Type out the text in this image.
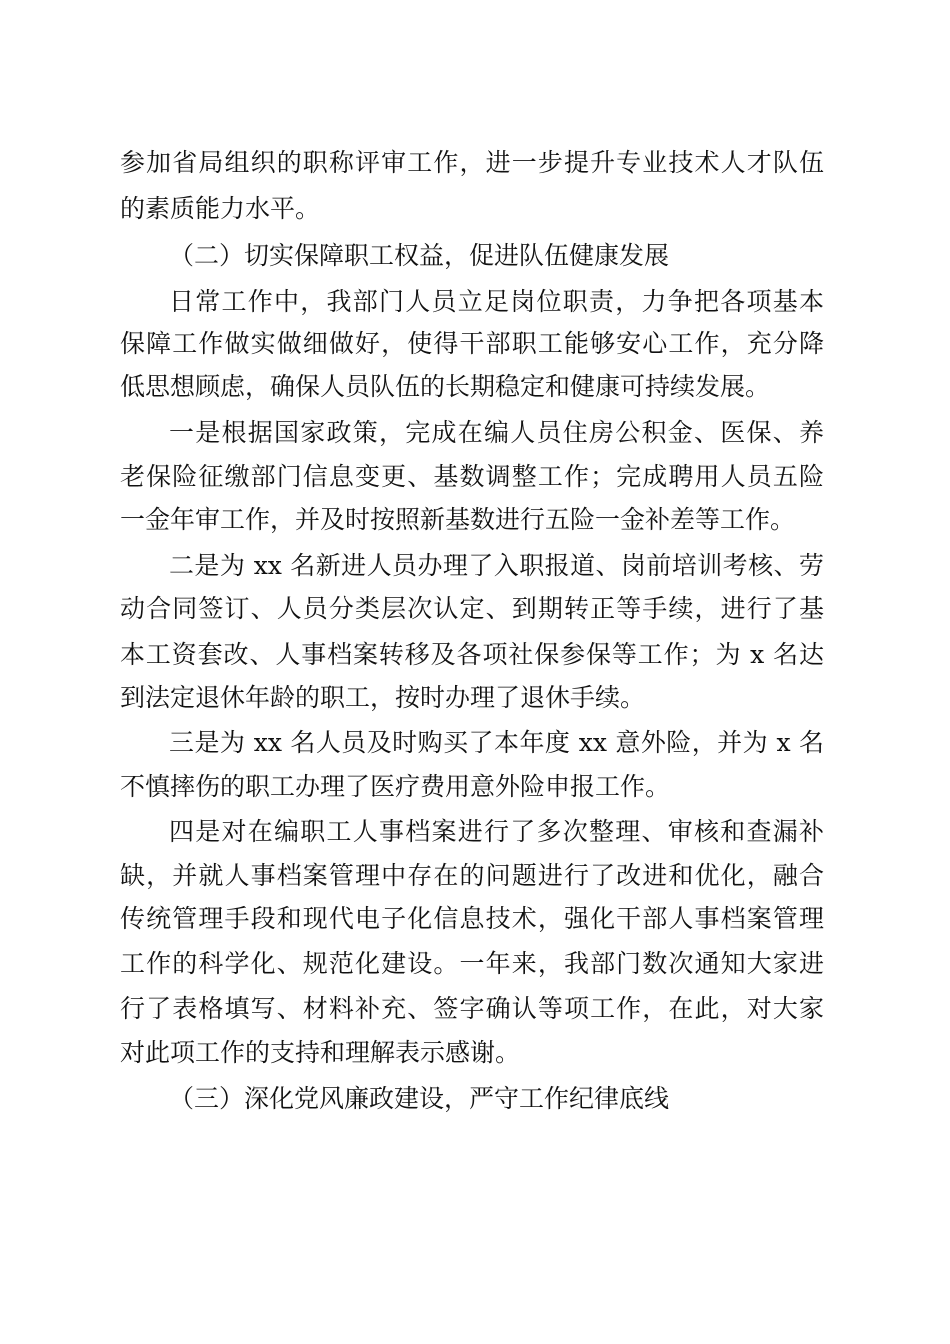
参加省局组织的职称评审工作，进一步提升专业技术人才队伍
的素质能力水平。
（二）切实保障职工权益，促进队伍健康发展
日常工作中，我部门人员立足岗位职责，力争把各项基本
保障工作做实做细做好，使得干部职工能够安心工作，充分降
低思想顾虑，确保人员队伍的长期稳定和健康可持续发展。
一是根据国家政策，完成在编人员住房公积金、医保、养
老保险征缴部门信息变更、基数调整工作；完成聘用人员五险
一金年审工作，并及时按照新基数进行五险一金补差等工作。
二是为 xx 名新进人员办理了入职报道、岗前培训考核、劳
动合同签订、人员分类层次认定、到期转正等手续，进行了基
本工资套改、人事档案转移及各项社保参保等工作；为 x 名达
到法定退休年龄的职工，按时办理了退休手续。
三是为 xx 名人员及时购买了本年度 xx 意外险，并为 x 名
不慎摔伤的职工办理了医疗费用意外险申报工作。
四是对在编职工人事档案进行了多次整理、审核和查漏补
缺，并就人事档案管理中存在的问题进行了改进和优化，融合
传统管理手段和现代电子化信息技术，强化干部人事档案管理
工作的科学化、规范化建设。一年来，我部门数次通知大家进
行了表格填写、材料补充、签字确认等项工作，在此，对大家
对此项工作的支持和理解表示感谢。
（三）深化党风廉政建设，严守工作纪律底线
